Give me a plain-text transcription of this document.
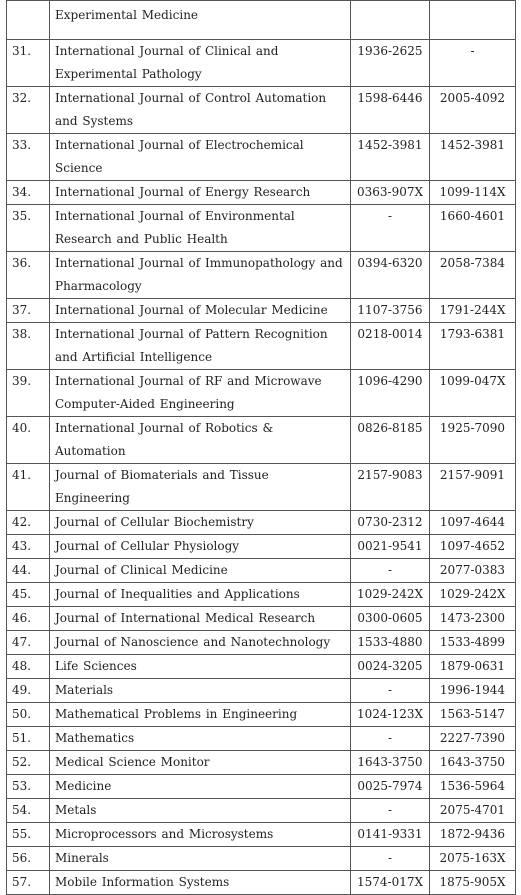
	Experimental Medicine		
31.	International Journal of Clinical and Experimental Pathology	1936-2625	-
32.	International Journal of Control Automation and Systems	1598-6446	2005-4092
33.	International Journal of Electrochemical Science	1452-3981	1452-3981
34.	International Journal of Energy Research	0363-907X	1099-114X
35.	International Journal of Environmental Research and Public Health	-	1660-4601
36.	International Journal of Immunopathology and Pharmacology	0394-6320	2058-7384
37.	International Journal of Molecular Medicine	1107-3756	1791-244X
38.	International Journal of Pattern Recognition and Artificial Intelligence	0218-0014	1793-6381
39.	International Journal of RF and Microwave Computer-Aided Engineering	1096-4290	1099-047X
40.	International Journal of Robotics & Automation	0826-8185	1925-7090
41.	Journal of Biomaterials and Tissue Engineering	2157-9083	2157-9091
42.	Journal of Cellular Biochemistry	0730-2312	1097-4644
43.	Journal of Cellular Physiology	0021-9541	1097-4652
44.	Journal of Clinical Medicine	-	2077-0383
45.	Journal of Inequalities and Applications	1029-242X	1029-242X
46.	Journal of International Medical Research	0300-0605	1473-2300
47.	Journal of Nanoscience and Nanotechnology	1533-4880	1533-4899
48.	Life Sciences	0024-3205	1879-0631
49.	Materials	-	1996-1944
50.	Mathematical Problems in Engineering	1024-123X	1563-5147
51.	Mathematics	-	2227-7390
52.	Medical Science Monitor	1643-3750	1643-3750
53.	Medicine	0025-7974	1536-5964
54.	Metals	-	2075-4701
55.	Microprocessors and Microsystems	0141-9331	1872-9436
56.	Minerals	-	2075-163X
57.	Mobile Information Systems	1574-017X	1875-905X
